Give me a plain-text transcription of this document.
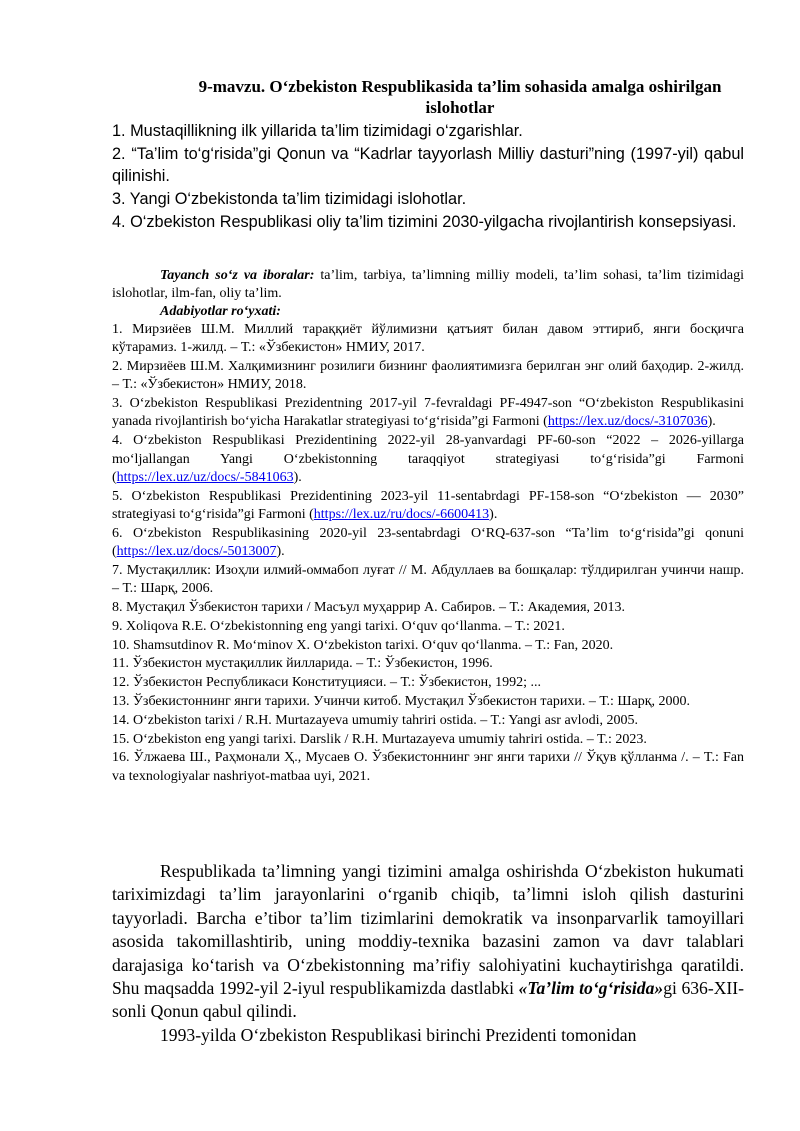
9-mavzu. O‘zbekiston Respublikasida ta’lim sohasida amalga oshirilgan
islohotlar

1. Mustaqillikning ilk yillarida ta’lim tizimidagi o‘zgarishlar.

2. “Ta’lim to‘g‘risida”gi Qonun va “Kadrlar tayyorlash Milliy dasturi”ning (1997-yil) qabul qilinishi.

3. Yangi O‘zbekistonda ta’lim tizimidagi islohotlar.

4. O‘zbekiston Respublikasi oliy ta’lim tizimini 2030-yilgacha rivojlantirish konsepsiyasi.

Tayanch so‘z va iboralar: ta’lim, tarbiya, ta’limning milliy modeli, ta’lim sohasi, ta’lim tizimidagi islohotlar, ilm-fan, oliy ta’lim.
Adabiyotlar ro‘yxati:

1. Мирзиёев Ш.М. Миллий тараққиёт йўлимизни қатъият билан давом эттириб, янги босқичга кўтарамиз. 1-жилд. – Т.: «Ўзбекистон» НМИУ, 2017.

2. Мирзиёев Ш.М. Халқимизнинг розилиги бизнинг фаолиятимизга берилган энг олий баҳодир. 2-жилд. – Т.: «Ўзбекистон» НМИУ, 2018.

3. O‘zbekiston Respublikasi Prezidentning 2017-yil 7-fevraldagi PF-4947-son “O‘zbekiston Respublikasini yanada rivojlantirish bo‘yicha Harakatlar strategiyasi to‘g‘risida”gi Farmoni (https://lex.uz/docs/-3107036).

4. O‘zbekiston Respublikasi Prezidentining 2022-yil 28-yanvardagi PF-60-son “2022 – 2026-yillarga mo‘ljallangan Yangi O‘zbekistonning taraqqiyot strategiyasi to‘g‘risida”gi Farmoni (https://lex.uz/uz/docs/-5841063).

5. O‘zbekiston Respublikasi Prezidentining 2023-yil 11-sentabrdagi PF-158-son “O‘zbekiston — 2030” strategiyasi to‘g‘risida”gi Farmoni (https://lex.uz/ru/docs/-6600413).

6. O‘zbekiston Respublikasining 2020-yil 23-sentabrdagi O‘RQ-637-son “Ta’lim to‘g‘risida”gi qonuni (https://lex.uz/docs/-5013007).

7. Мустақиллик: Изоҳли илмий-оммабоп луғат // М. Абдуллаев ва бошқалар: тўлдирилган учинчи нашр. – Т.: Шарқ, 2006.

8. Мустақил Ўзбекистон тарихи / Масъул муҳаррир А. Сабиров. – Т.: Академия, 2013.

9. Xoliqova R.E. O‘zbekistonning eng yangi tarixi. O‘quv qo‘llanma. – T.: 2021.

10. Shamsutdinov R. Mo‘minov X. O‘zbekiston tarixi. O‘quv qo‘llanma. – T.: Fan, 2020.

11. Ўзбекистон мустақиллик йилларида. – Т.: Ўзбекистон, 1996.

12. Ўзбекистон Республикаси Конституцияси. – Т.: Ўзбекистон, 1992; ...

13. Ўзбекистоннинг янги тарихи. Учинчи китоб. Мустақил Ўзбекистон тарихи. – Т.: Шарқ, 2000.

14. O‘zbekiston tarixi / R.H. Murtazayeva umumiy tahriri ostida. – T.: Yangi asr avlodi, 2005.

15. O‘zbekiston eng yangi tarixi. Darslik / R.H. Murtazayeva umumiy tahriri ostida. – T.: 2023.

16. Ўлжаева Ш., Раҳмонали Ҳ., Мусаев О. Ўзбекистоннинг энг янги тарихи // Ўқув қўлланма /. – T.: Fan va texnologiyalar nashriyot-matbaa uyi, 2021.

Respublikada ta’limning yangi tizimini amalga oshirishda O‘zbekiston hukumati tariximizdagi ta’lim jarayonlarini o‘rganib chiqib, ta’limni isloh qilish dasturini tayyorladi. Barcha e’tibor ta’lim tizimlarini demokratik va insonparvarlik tamoyillari asosida takomillashtirib, uning moddiy-texnika bazasini zamon va davr talablari darajasiga ko‘tarish va O‘zbekistonning ma’rifiy salohiyatini kuchaytirishga qaratildi. Shu maqsadda 1992-yil 2-iyul respublikamizda dastlabki «Ta’lim to‘g‘risida»gi 636-XII-sonli Qonun qabul qilindi.

1993-yilda O‘zbekiston Respublikasi birinchi Prezidenti tomonidan
